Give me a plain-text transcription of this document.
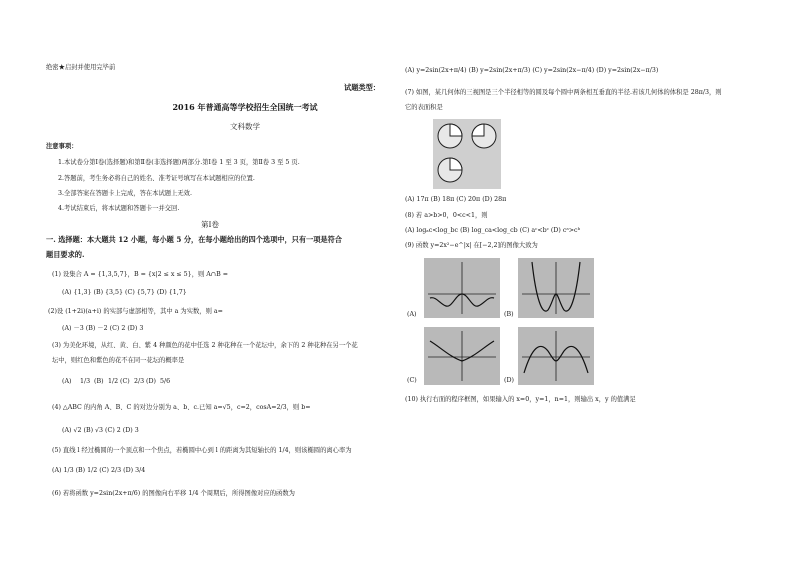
绝密★启封并使用完毕前
试题类型：
2016 年普通高等学校招生全国统一考试
文科数学
注意事项：
1.本试卷分第Ⅰ卷(选择题)和第Ⅱ卷(非选择题)两部分.第Ⅰ卷 1 至 3 页，第Ⅱ卷 3 至 5 页.
2.答题前，考生务必将自己的姓名、准考证号填写在本试题相应的位置.
3.全部答案在答题卡上完成，答在本试题上无效.
4.考试结束后，将本试题和答题卡一并交回.
第Ⅰ卷
一. 选择题：本大题共 12 小题，每小题 5 分，在每小题给出的四个选项中，只有一项是符合
题目要求的.
(1) 设集合 A = {1,3,5,7}，B = {x|2 ≤ x ≤ 5}，则 A∩B =
(A) {1,3} (B) {3,5} (C) {5,7} (D) {1,7}
(2)设 (1+2i)(a+i) 的实部与虚部相等，其中 a 为实数，则 a=
(A) －3 (B) －2 (C) 2 (D) 3
(3) 为美化环境，从红、黄、白、紫 4 种颜色的花中任选 2 种花种在一个花坛中，余下的 2 种花种在另一个花
坛中，则红色和紫色的花不在同一花坛的概率是
(A) 1/3 (B) 1/2 (C) 2/3 (D) 5/6
(4) △ABC 的内角 A、B、C 的对边分别为 a、b、c.已知 a=√5，c=2，cosA=2/3，则 b=
(A) √2 (B) √3 (C) 2 (D) 3
(5) 直线 l 经过椭圆的一个顶点和一个焦点，若椭圆中心到 l 的距离为其短轴长的 1/4，则该椭圆的离心率为
(A) 1/3 (B) 1/2 (C) 2/3 (D) 3/4
(6) 若将函数 y=2sin(2x+π/6) 的图像向右平移 1/4 个周期后，所得图像对应的函数为
(A) y=2sin(2x+π/4) (B) y=2sin(2x+π/3) (C) y=2sin(2x−π/4) (D) y=2sin(2x−π/3)
(7) 如图，某几何体的三视图是三个半径相等的圆及每个圆中两条相互垂直的半径.若该几何体的体积是 28π/3，则
它的表面积是
(A) 17π (B) 18π (C) 20π (D) 28π
(8) 若 a>b>0，0<c<1，则
(A) logₐc<log_bc (B) log_ca<log_cb (C) aᶜ<bᶜ (D) cᵃ>cᵇ
(9) 函数 y=2x²−e^|x| 在[−2,2]的图像大致为
(A)	(B)
(C)	(D)
(10) 执行右面的程序框图，如果输入的 x=0，y=1，n=1，则输出 x，y 的值满足
